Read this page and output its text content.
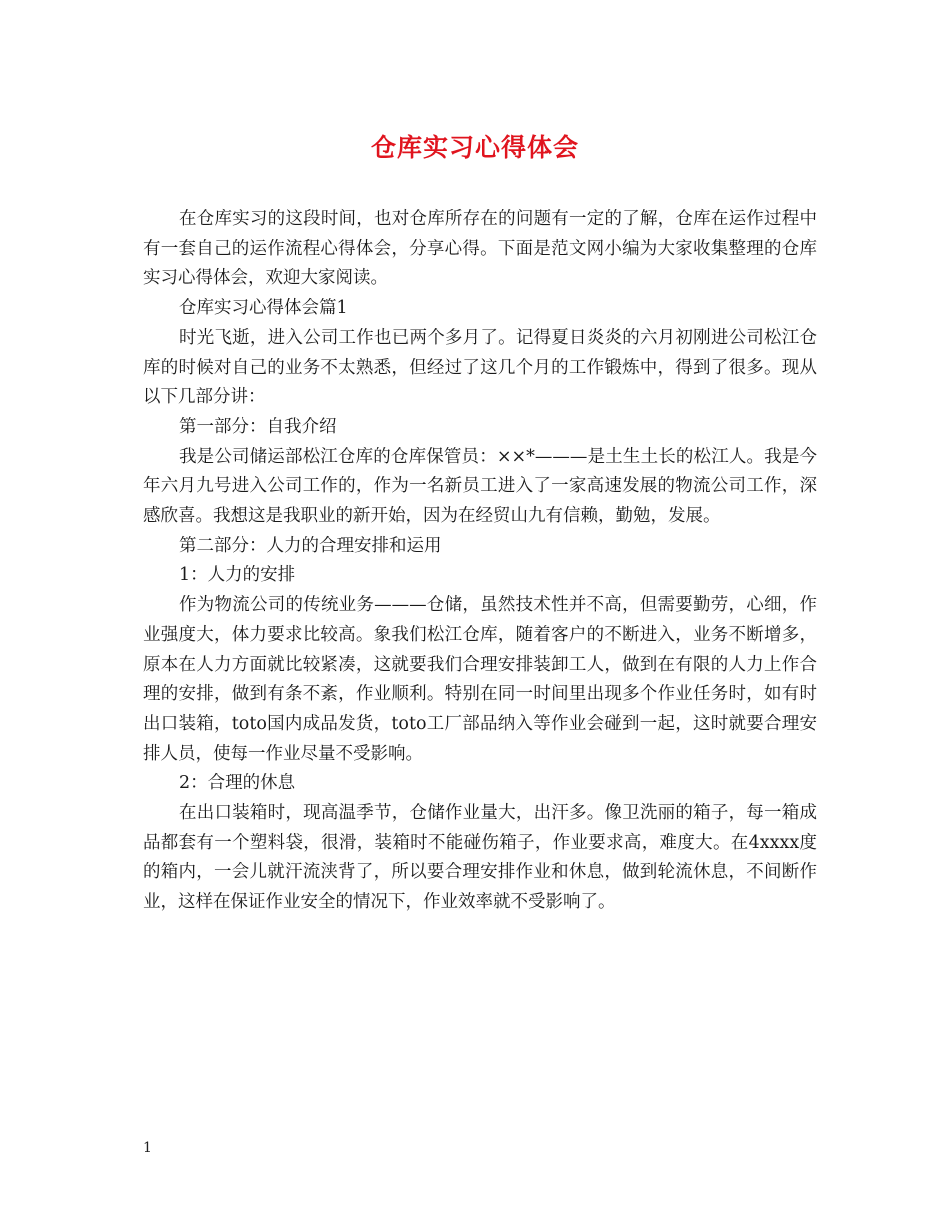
仓库实习心得体会

在仓库实习的这段时间，也对仓库所存在的问题有一定的了解，仓库在运作过程中有一套自己的运作流程心得体会，分享心得。下面是范文网小编为大家收集整理的仓库实习心得体会，欢迎大家阅读。

仓库实习心得体会篇1

时光飞逝，进入公司工作也已两个多月了。记得夏日炎炎的六月初刚进公司松江仓库的时候对自己的业务不太熟悉，但经过了这几个月的工作锻炼中，得到了很多。现从以下几部分讲：

第一部分：自我介绍

我是公司储运部松江仓库的仓库保管员：××*———是土生土长的松江人。我是今年六月九号进入公司工作的，作为一名新员工进入了一家高速发展的物流公司工作，深感欣喜。我想这是我职业的新开始，因为在经贸山九有信赖，勤勉，发展。

第二部分：人力的合理安排和运用

1：人力的安排

作为物流公司的传统业务———仓储，虽然技术性并不高，但需要勤劳，心细，作业强度大，体力要求比较高。象我们松江仓库，随着客户的不断进入，业务不断增多，原本在人力方面就比较紧凑，这就要我们合理安排装卸工人，做到在有限的人力上作合理的安排，做到有条不紊，作业顺利。特别在同一时间里出现多个作业任务时，如有时出口装箱，toto国内成品发货，toto工厂部品纳入等作业会碰到一起，这时就要合理安排人员，使每一作业尽量不受影响。

2：合理的休息

在出口装箱时，现高温季节，仓储作业量大，出汗多。像卫洗丽的箱子，每一箱成品都套有一个塑料袋，很滑，装箱时不能碰伤箱子，作业要求高，难度大。在4xxxx度的箱内，一会儿就汗流浃背了，所以要合理安排作业和休息，做到轮流休息，不间断作业，这样在保证作业安全的情况下，作业效率就不受影响了。

1
